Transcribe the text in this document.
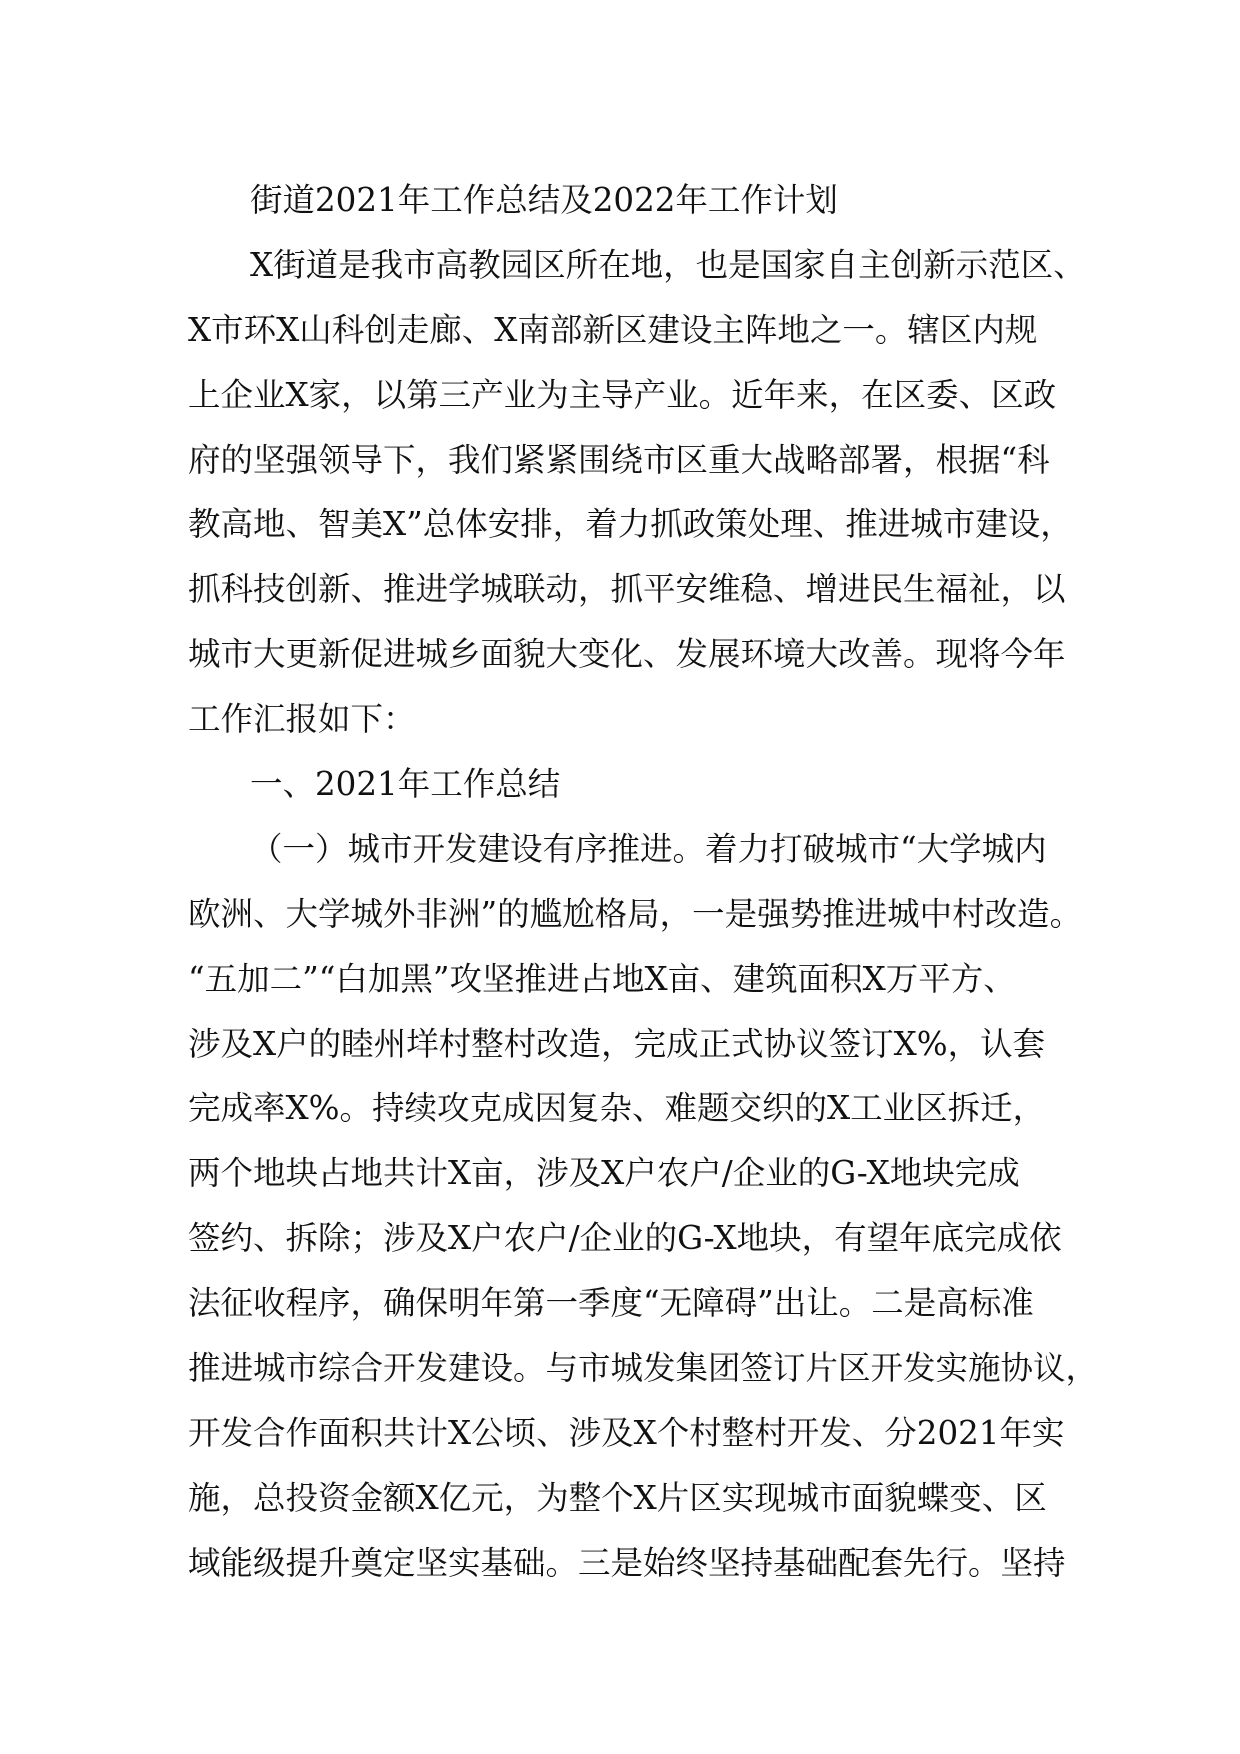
街道2021年工作总结及2022年工作计划
X街道是我市高教园区所在地，也是国家自主创新示范区、
X市环X山科创走廊、X南部新区建设主阵地之一。辖区内规
上企业X家，以第三产业为主导产业。近年来，在区委、区政
府的坚强领导下，我们紧紧围绕市区重大战略部署，根据“科
教高地、智美X”总体安排，着力抓政策处理、推进城市建设，
抓科技创新、推进学城联动，抓平安维稳、增进民生福祉，以
城市大更新促进城乡面貌大变化、发展环境大改善。现将今年
工作汇报如下：
一、2021年工作总结
（一）城市开发建设有序推进。着力打破城市“大学城内
欧洲、大学城外非洲”的尴尬格局，一是强势推进城中村改造。
“五加二”“白加黑”攻坚推进占地X亩、建筑面积X万平方、
涉及X户的睦州垟村整村改造，完成正式协议签订X%，认套
完成率X%。持续攻克成因复杂、难题交织的X工业区拆迁，
两个地块占地共计X亩，涉及X户农户/企业的G-X地块完成
签约、拆除；涉及X户农户/企业的G-X地块，有望年底完成依
法征收程序，确保明年第一季度“无障碍”出让。二是高标准
推进城市综合开发建设。与市城发集团签订片区开发实施协议，
开发合作面积共计X公顷、涉及X个村整村开发、分2021年实
施，总投资金额X亿元，为整个X片区实现城市面貌蝶变、区
域能级提升奠定坚实基础。三是始终坚持基础配套先行。坚持
